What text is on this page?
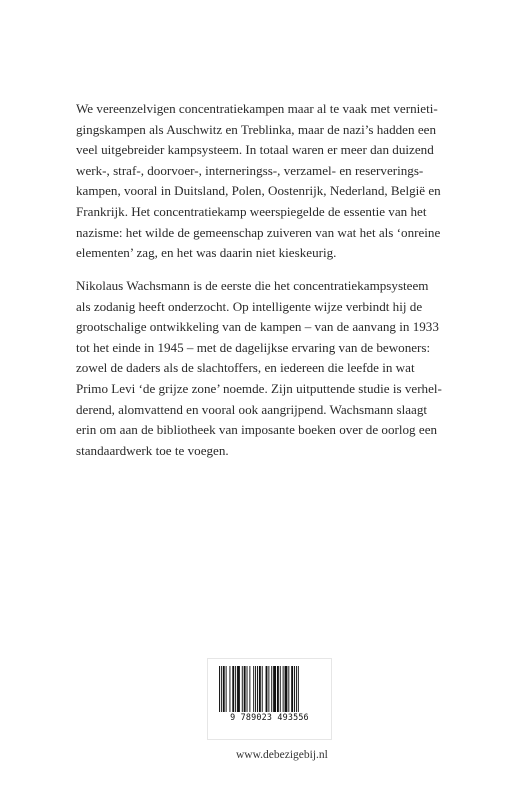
We vereenzelvigen concentratiekampen maar al te vaak met vernieti-
gingskampen als Auschwitz en Treblinka, maar de nazi’s hadden een
veel uitgebreider kampsysteem. In totaal waren er meer dan duizend
werk-, straf-, doorvoer-, interneringss-, verzamel- en reserverings-
kampen, vooral in Duitsland, Polen, Oostenrijk, Nederland, België en
Frankrijk. Het concentratiekamp weerspiegelde de essentie van het
nazisme: het wilde de gemeenschap zuiveren van wat het als ‘onreine
elementen’ zag, en het was daarin niet kieskeurig.
Nikolaus Wachsmann is de eerste die het concentratiekampsysteem
als zodanig heeft onderzocht. Op intelligente wijze verbindt hij de
grootschalige ontwikkeling van de kampen – van de aanvang in 1933
tot het einde in 1945 – met de dagelijkse ervaring van de bewoners:
zowel de daders als de slachtoffers, en iedereen die leefde in wat
Primo Levi ‘de grijze zone’ noemde. Zijn uitputtende studie is verhel-
derend, alomvattend en vooral ook aangrijpend. Wachsmann slaagt
erin om aan de bibliotheek van imposante boeken over de oorlog een
standaardwerk toe te voegen.
9 789023 493556
www.debezigebij.nl
